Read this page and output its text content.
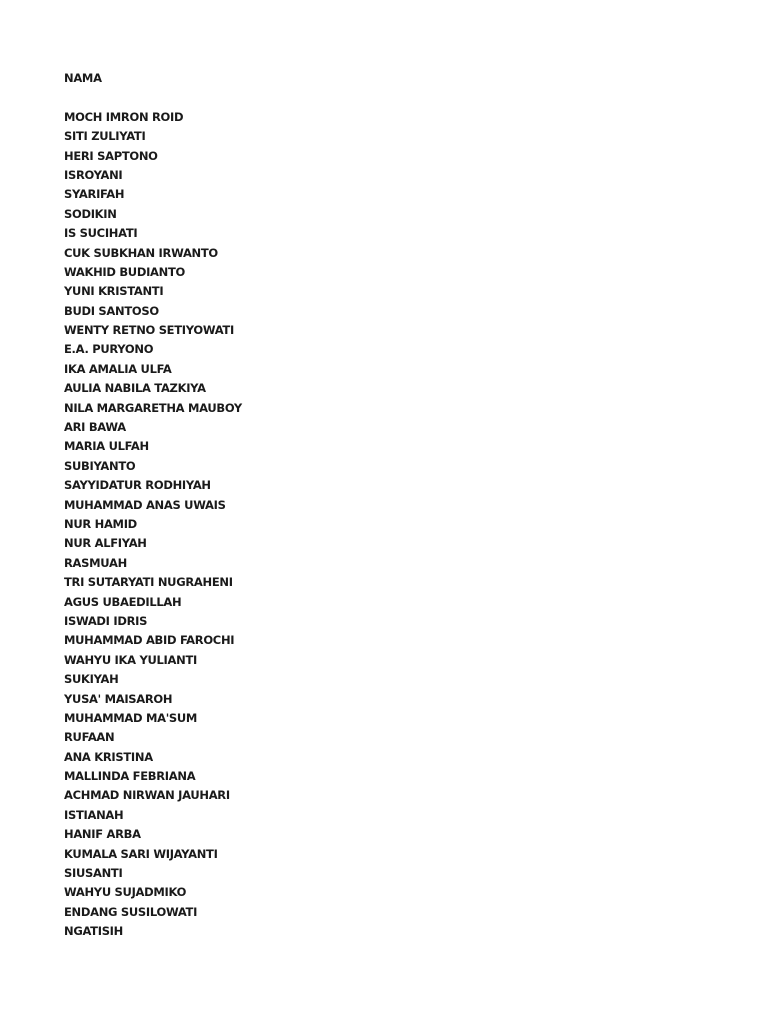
NAMA
MOCH IMRON ROID
SITI ZULIYATI
HERI SAPTONO
ISROYANI
SYARIFAH
SODIKIN
IS SUCIHATI
CUK SUBKHAN IRWANTO
WAKHID BUDIANTO
YUNI KRISTANTI
BUDI SANTOSO
WENTY RETNO SETIYOWATI
E.A. PURYONO
IKA AMALIA ULFA
AULIA NABILA TAZKIYA
NILA MARGARETHA MAUBOY
ARI BAWA
MARIA ULFAH
SUBIYANTO
SAYYIDATUR RODHIYAH
MUHAMMAD ANAS UWAIS
NUR HAMID
NUR ALFIYAH
RASMUAH
TRI SUTARYATI NUGRAHENI
AGUS UBAEDILLAH
ISWADI IDRIS
MUHAMMAD ABID FAROCHI
WAHYU IKA YULIANTI
SUKIYAH
YUSA' MAISAROH
MUHAMMAD MA'SUM
RUFAAN
ANA KRISTINA
MALLINDA FEBRIANA
ACHMAD NIRWAN JAUHARI
ISTIANAH
HANIF ARBA
KUMALA SARI WIJAYANTI
SIUSANTI
WAHYU SUJADMIKO
ENDANG SUSILOWATI
NGATISIH
